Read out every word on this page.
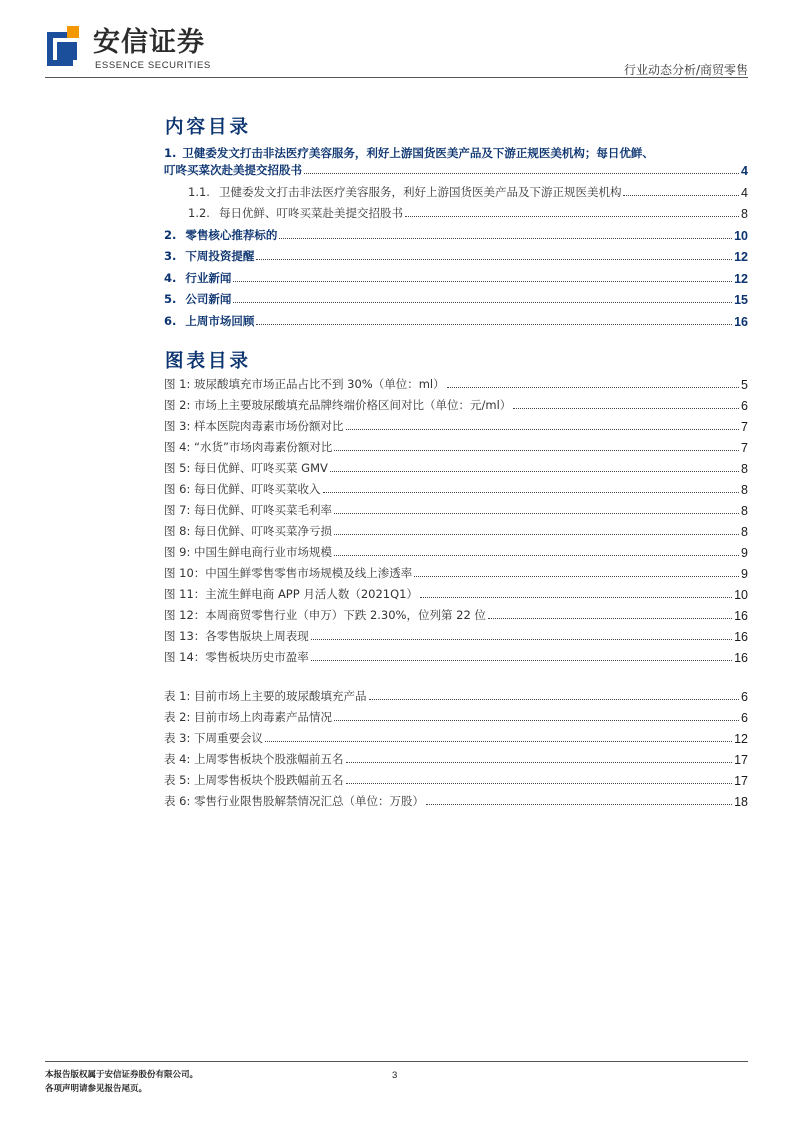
安信证券
ESSENCE SECURITIES	行业动态分析/商贸零售
内容目录
1. 卫健委发文打击非法医疗美容服务，利好上游国货医美产品及下游正规医美机构；每日优鲜、
叮咚买菜次赴美提交招股书	4
1.1. 卫健委发文打击非法医疗美容服务，利好上游国货医美产品及下游正规医美机构	4
1.2. 每日优鲜、叮咚买菜赴美提交招股书	8
2. 零售核心推荐标的	10
3. 下周投资提醒	12
4. 行业新闻	12
5. 公司新闻	15
6. 上周市场回顾	16
图表目录
图 1: 玻尿酸填充市场正品占比不到 30%（单位：ml）	5
图 2: 市场上主要玻尿酸填充品牌终端价格区间对比（单位：元/ml）	6
图 3: 样本医院肉毒素市场份额对比	7
图 4: “水货”市场肉毒素份额对比	7
图 5: 每日优鲜、叮咚买菜 GMV	8
图 6: 每日优鲜、叮咚买菜收入	8
图 7: 每日优鲜、叮咚买菜毛利率	8
图 8: 每日优鲜、叮咚买菜净亏损	8
图 9: 中国生鲜电商行业市场规模	9
图 10：中国生鲜零售零售市场规模及线上渗透率	9
图 11：主流生鲜电商 APP 月活人数（2021Q1）	10
图 12：本周商贸零售行业（申万）下跌 2.30%，位列第 22 位	16
图 13：各零售版块上周表现	16
图 14：零售板块历史市盈率	16
表 1: 目前市场上主要的玻尿酸填充产品	6
表 2: 目前市场上肉毒素产品情况	6
表 3: 下周重要会议	12
表 4: 上周零售板块个股涨幅前五名	17
表 5: 上周零售板块个股跌幅前五名	17
表 6: 零售行业限售股解禁情况汇总（单位：万股）	18
本报告版权属于安信证券股份有限公司。
各项声明请参见报告尾页。
3
